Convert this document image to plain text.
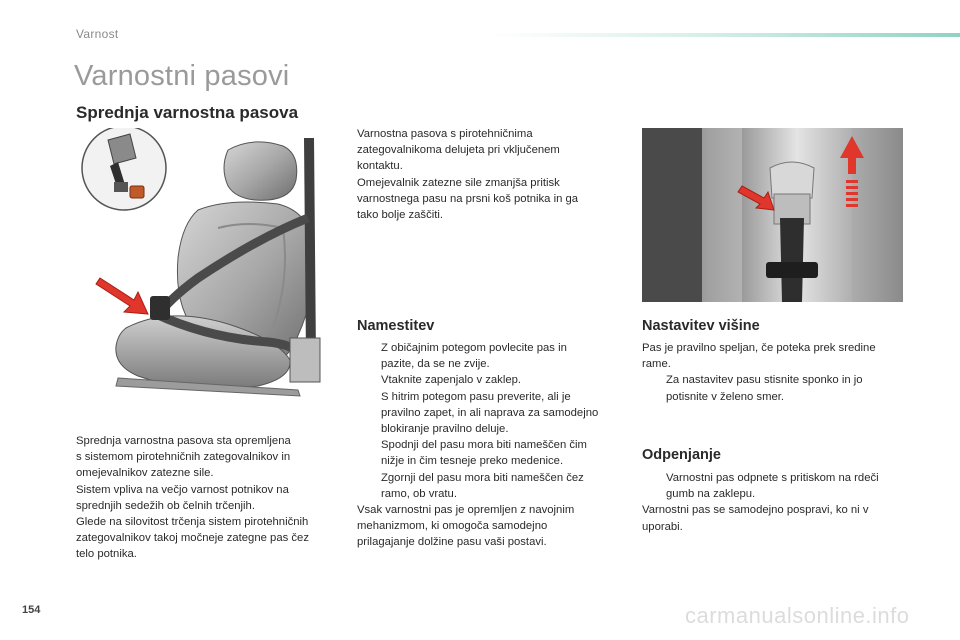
Varnost
Varnostni pasovi
Sprednja varnostna pasova

Sprednja varnostna pasova sta opremljena

s sistemom pirotehničnih zategovalnikov in

omejevalnikov zatezne sile.

Sistem vpliva na večjo varnost potnikov na

sprednjih sedežih ob čelnih trčenjih.

Glede na silovitost trčenja sistem pirotehničnih

zategovalnikov takoj močneje zategne pas čez

telo potnika.

Varnostna pasova s pirotehničnima

zategovalnikoma delujeta pri vključenem

kontaktu.

Omejevalnik zatezne sile zmanjša pritisk

varnostnega pasu na prsni koš potnika in ga

tako bolje zaščiti.

Namestitev
Z običajnim potegom povlecite pas in
pazite, da se ne zvije.
Vtaknite zapenjalo v zaklep.
S hitrim potegom pasu preverite, ali je
pravilno zapet, in ali naprava za samodejno
blokiranje pravilno deluje.
Spodnji del pasu mora biti nameščen čim
nižje in čim tesneje preko medenice.
Zgornji del pasu mora biti nameščen čez
ramo, ob vratu.

Vsak varnostni pas je opremljen z navojnim

mehanizmom, ki omogoča samodejno

prilagajanje dolžine pasu vaši postavi.

Nastavitev višine

Pas je pravilno speljan, če poteka prek sredine

rame.

Za nastavitev pasu stisnite sponko in jo
potisnite v želeno smer.
Odpenjanje
Varnostni pas odpnete s pritiskom na rdeči
gumb na zaklepu.

Varnostni pas se samodejno pospravi, ko ni v

uporabi.

154	carmanualsonline.info
